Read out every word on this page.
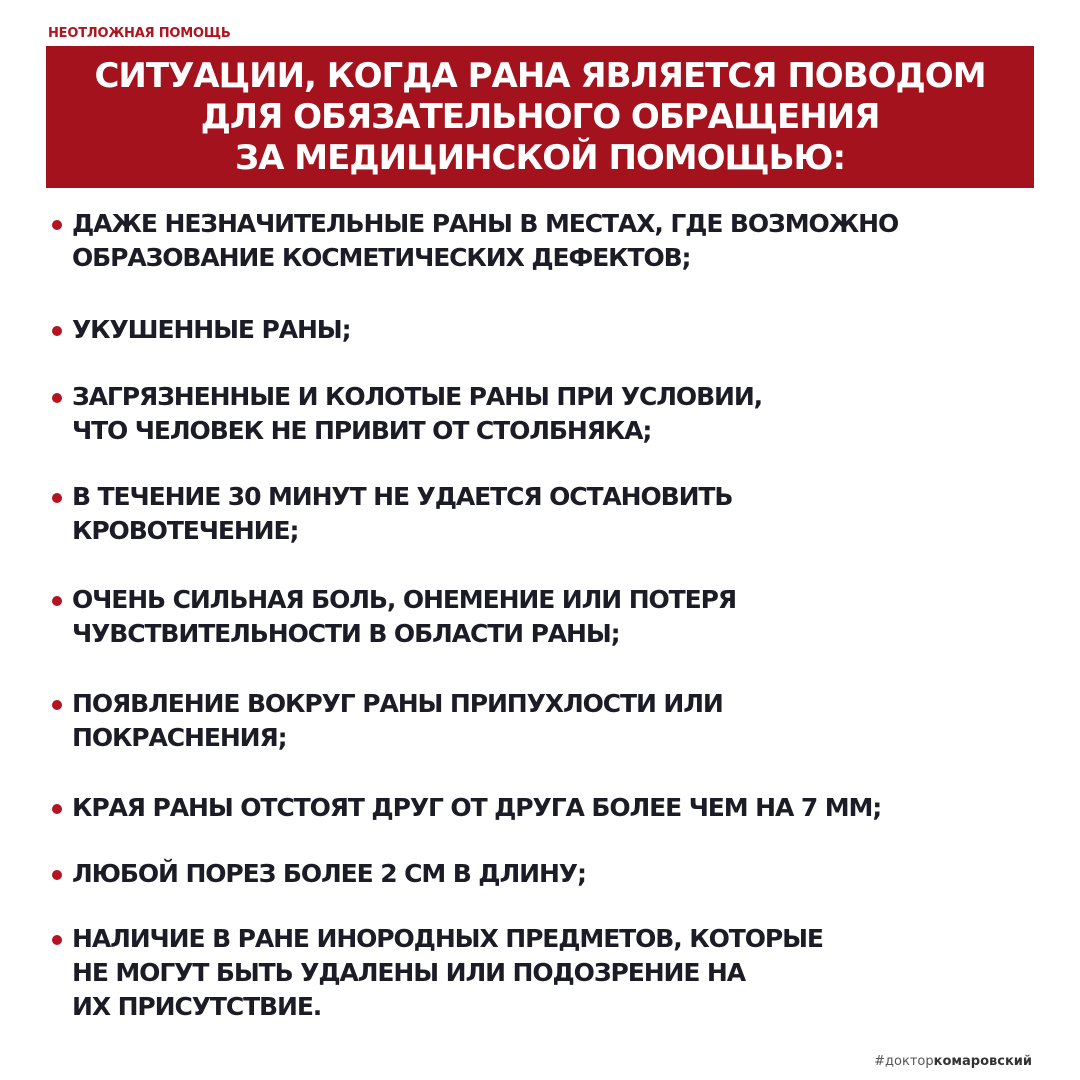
НЕОТЛОЖНАЯ ПОМОЩЬ
СИТУАЦИИ, КОГДА РАНА ЯВЛЯЕТСЯ ПОВОДОМ
ДЛЯ ОБЯЗАТЕЛЬНОГО ОБРАЩЕНИЯ
ЗА МЕДИЦИНСКОЙ ПОМОЩЬЮ:
ДАЖЕ НЕЗНАЧИТЕЛЬНЫЕ РАНЫ В МЕСТАХ, ГДЕ ВОЗМОЖНО
ОБРАЗОВАНИЕ КОСМЕТИЧЕСКИХ ДЕФЕКТОВ;
УКУШЕННЫЕ РАНЫ;
ЗАГРЯЗНЕННЫЕ И КОЛОТЫЕ РАНЫ ПРИ УСЛОВИИ,
ЧТО ЧЕЛОВЕК НЕ ПРИВИТ ОТ СТОЛБНЯКА;
В ТЕЧЕНИЕ 30 МИНУТ НЕ УДАЕТСЯ ОСТАНОВИТЬ
КРОВОТЕЧЕНИЕ;
ОЧЕНЬ СИЛЬНАЯ БОЛЬ, ОНЕМЕНИЕ ИЛИ ПОТЕРЯ
ЧУВСТВИТЕЛЬНОСТИ В ОБЛАСТИ РАНЫ;
ПОЯВЛЕНИЕ ВОКРУГ РАНЫ ПРИПУХЛОСТИ ИЛИ
ПОКРАСНЕНИЯ;
КРАЯ РАНЫ ОТСТОЯТ ДРУГ ОТ ДРУГА БОЛЕЕ ЧЕМ НА 7 ММ;
ЛЮБОЙ ПОРЕЗ БОЛЕЕ 2 СМ В ДЛИНУ;
НАЛИЧИЕ В РАНЕ ИНОРОДНЫХ ПРЕДМЕТОВ, КОТОРЫЕ
НЕ МОГУТ БЫТЬ УДАЛЕНЫ ИЛИ ПОДОЗРЕНИЕ НА
ИХ ПРИСУТСТВИЕ.
#докторкомаровский
